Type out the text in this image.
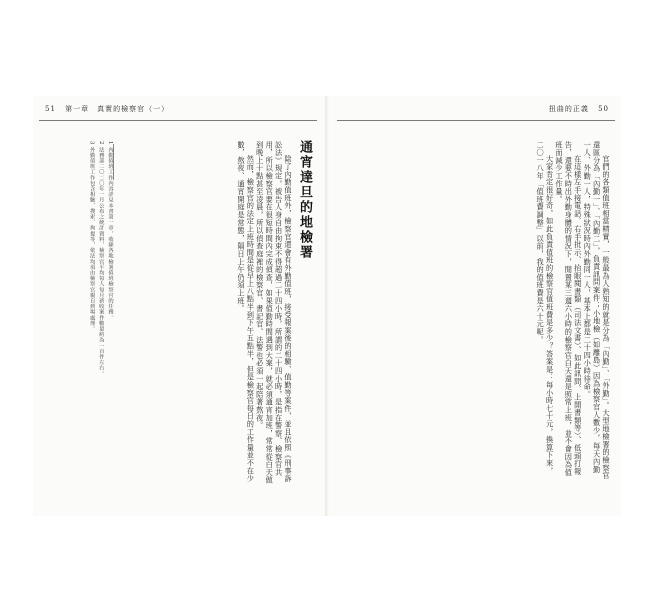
扭曲的正義 50

官們的各類值班相當精實，一般最為人熟知的就是分為「內勤」、「外勤」。大型地檢署的檢察官還區分為「內勤一」、「內勤二」，負責訊問案件；小地檢（如離島）因為檢察官人數少，每天內勤一人、外勤一人，特殊狀況時內外勤同一人，基本上都是二十四小時待命。

在這樣左手接電話、右手批示、抬眼閱書類（司法文書）、如此訊問、上開書類等）、低頭打報告，還要不時出外勤身體的情況下，閒置某三週六小時的檢察官白天還是照常上班，並不會因為值班而減少工作量。

大家肯定很好奇，如此負責值班的檢察官值班費是多少？答案是：每小時七十元，換算下來，二〇一八年「值班費調整」以前，我的值班費是六十元呢。

51 第一章　真實的檢察官（一）
通宵達旦的地檢署

除了內勤值班外，檢察官還會有外勤值班，接受報案後的相驗、值勤等案件，並且依照《刑事訴訟法》規定，被告人身自由拘束不得超過二十四小時，所謂的二十四小時，是指在警察、檢察官共用，所以檢察官要在很短時間內完成偵查，如果值勤時間遇到大案，就必須通宵加班，常常從白天做到晚上十點甚至凌晨，所以偵查庭裡的檢察官、書記官、法警也必須一起陪著熬夜。

然而，檢察官的法定上班時間是從早上八點半到下午五點半，但是檢察官每日的工作量並不在少數，熬夜、通宵開庭是常態，隔日上午仍須上班。

1 內勤值班工作內容詳見本書第一章，收錄各地檢署值班檢察官的任務。

2 法務部二〇二〇年一月公布之統計資料，檢察官平均每人每月新收案件數量約為一百件左右。

3 外勤值班工作包含相驗、搜索、拘提等，依法均須由檢察官親自到場處理。
